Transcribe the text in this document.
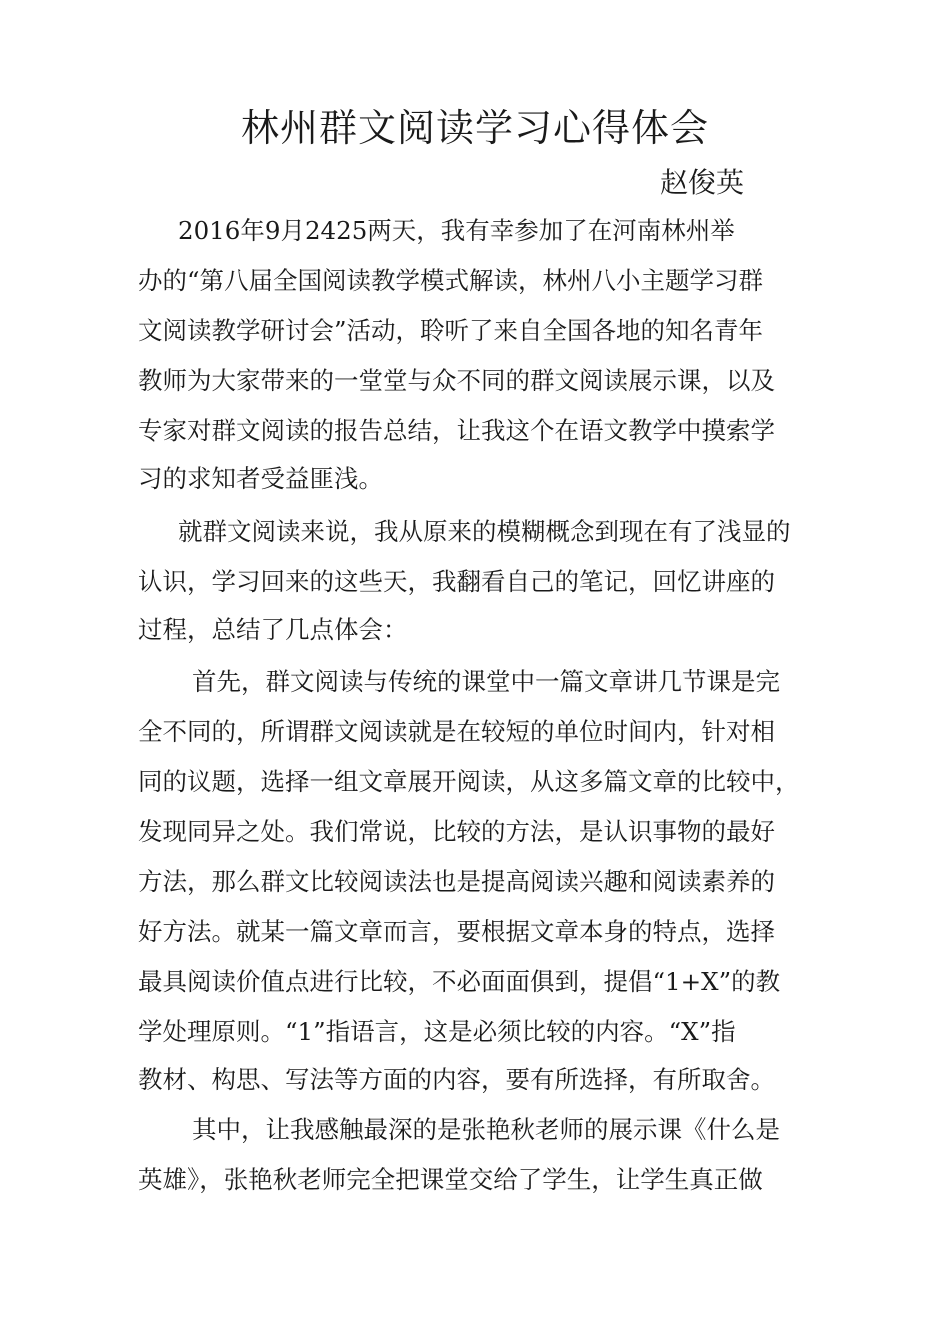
林州群文阅读学习心得体会

赵俊英

2016年9月2425两天，我有幸参加了在河南林州举

办的“第八届全国阅读教学模式解读，林州八小主题学习群

文阅读教学研讨会”活动，聆听了来自全国各地的知名青年

教师为大家带来的一堂堂与众不同的群文阅读展示课，以及

专家对群文阅读的报告总结，让我这个在语文教学中摸索学

习的求知者受益匪浅。

就群文阅读来说，我从原来的模糊概念到现在有了浅显的

认识，学习回来的这些天，我翻看自己的笔记，回忆讲座的

过程，总结了几点体会：

首先，群文阅读与传统的课堂中一篇文章讲几节课是完

全不同的，所谓群文阅读就是在较短的单位时间内，针对相

同的议题，选择一组文章展开阅读，从这多篇文章的比较中，

发现同异之处。我们常说，比较的方法，是认识事物的最好

方法，那么群文比较阅读法也是提高阅读兴趣和阅读素养的

好方法。就某一篇文章而言，要根据文章本身的特点，选择

最具阅读价值点进行比较，不必面面俱到，提倡“1+X”的教

学处理原则。“1”指语言，这是必须比较的内容。“X”指

教材、构思、写法等方面的内容，要有所选择，有所取舍。

其中，让我感触最深的是张艳秋老师的展示课《什么是

英雄》，张艳秋老师完全把课堂交给了学生，让学生真正做
